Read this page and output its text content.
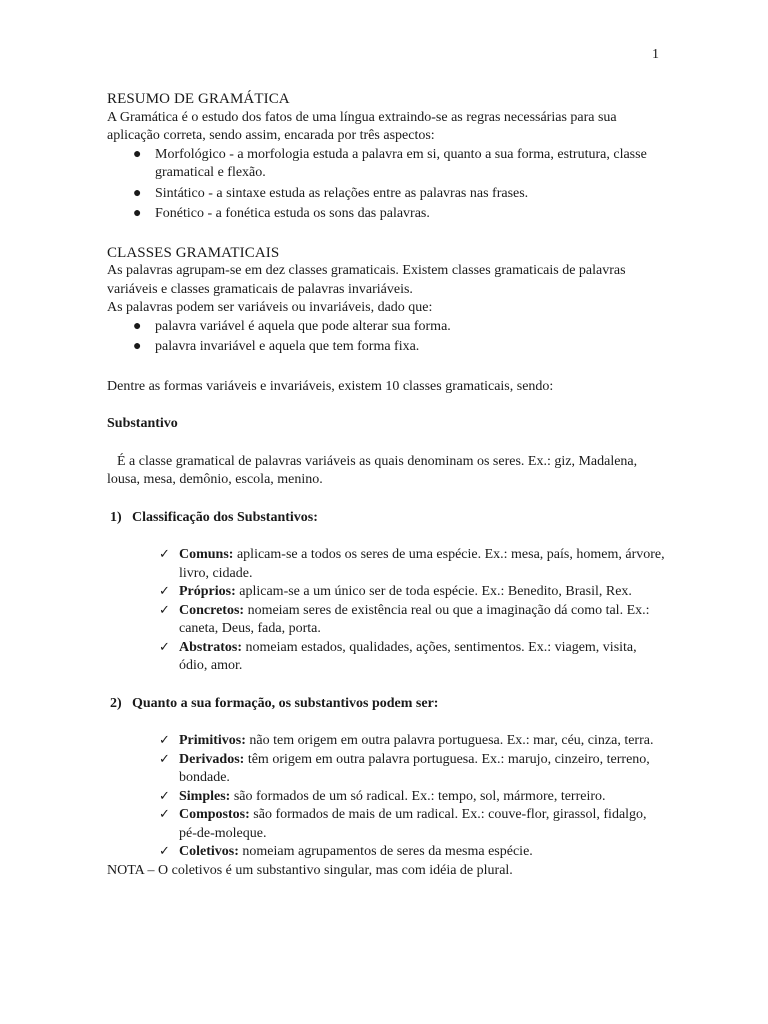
1
RESUMO DE GRAMÁTICA

A Gramática é o estudo dos fatos de uma língua extraindo-se as regras necessárias para sua aplicação correta, sendo assim, encarada por três aspectos:

● Morfológico - a morfologia estuda a palavra em si, quanto a sua forma, estrutura, classe gramatical e flexão.
● Sintático - a sintaxe estuda as relações entre as palavras nas frases.
● Fonético - a fonética estuda os sons das palavras.
CLASSES GRAMATICAIS

As palavras agrupam-se em dez classes gramaticais. Existem classes gramaticais de palavras variáveis e classes gramaticais de palavras invariáveis.

As palavras podem ser variáveis ou invariáveis, dado que:

● palavra variável é aquela que pode alterar sua forma.
● palavra invariável e aquela que tem forma fixa.

Dentre as formas variáveis e invariáveis, existem 10 classes gramaticais, sendo:

Substantivo

É a classe gramatical de palavras variáveis as quais denominam os seres. Ex.: giz, Madalena, lousa, mesa, demônio, escola, menino.

1) Classificação dos Substantivos:
✓ Comuns: aplicam-se a todos os seres de uma espécie. Ex.: mesa, país, homem, árvore, livro, cidade.
✓ Próprios: aplicam-se a um único ser de toda espécie. Ex.: Benedito, Brasil, Rex.
✓ Concretos: nomeiam seres de existência real ou que a imaginação dá como tal. Ex.: caneta, Deus, fada, porta.
✓ Abstratos: nomeiam estados, qualidades, ações, sentimentos. Ex.: viagem, visita, ódio, amor.
2) Quanto a sua formação, os substantivos podem ser:
✓ Primitivos: não tem origem em outra palavra portuguesa. Ex.: mar, céu, cinza, terra.
✓ Derivados: têm origem em outra palavra portuguesa. Ex.: marujo, cinzeiro, terreno, bondade.
✓ Simples: são formados de um só radical. Ex.: tempo, sol, mármore, terreiro.
✓ Compostos: são formados de mais de um radical. Ex.: couve-flor, girassol, fidalgo, pé-de-moleque.
✓ Coletivos: nomeiam agrupamentos de seres da mesma espécie.

NOTA – O coletivos é um substantivo singular, mas com idéia de plural.
